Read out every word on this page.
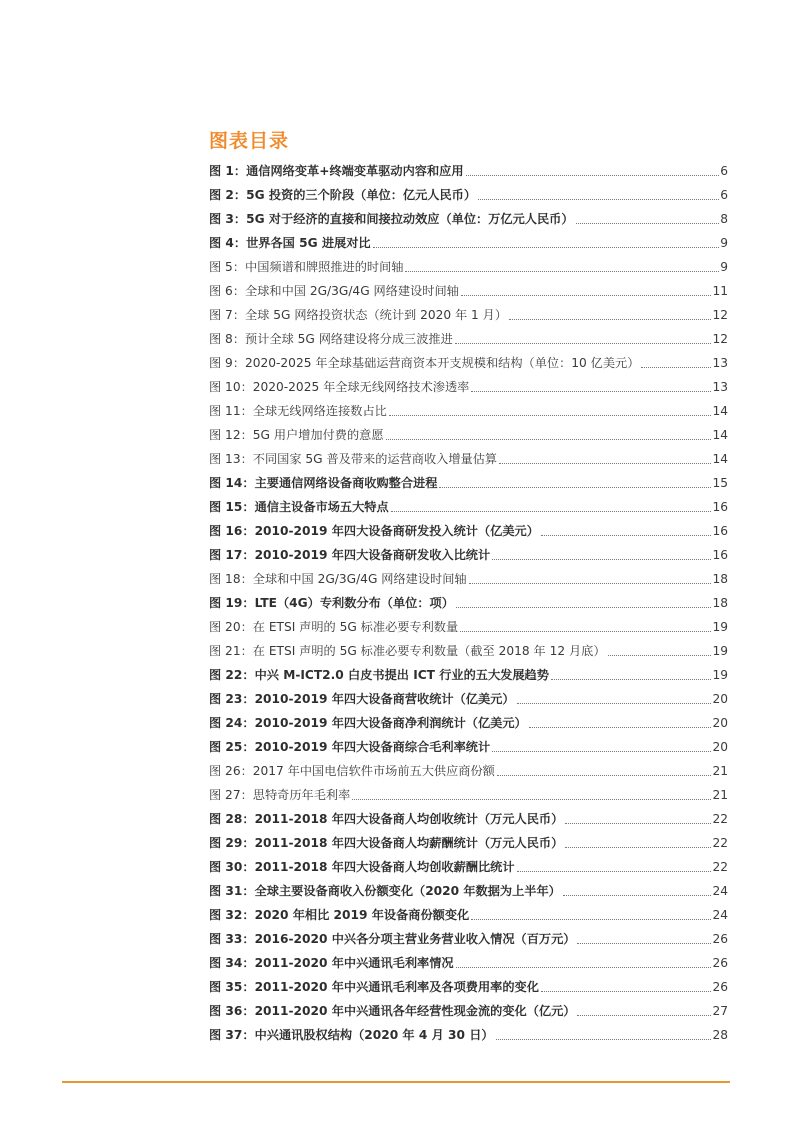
图表目录
图 1： 通信网络变革+终端变革驱动内容和应用	6
图 2： 5G 投资的三个阶段（单位：亿元人民币）	6
图 3： 5G 对于经济的直接和间接拉动效应（单位：万亿元人民币）	8
图 4： 世界各国 5G 进展对比	9
图 5： 中国频谱和牌照推进的时间轴	9
图 6： 全球和中国 2G/3G/4G 网络建设时间轴	11
图 7： 全球 5G 网络投资状态（统计到 2020 年 1 月）	12
图 8： 预计全球 5G 网络建设将分成三波推进	12
图 9： 2020-2025 年全球基础运营商资本开支规模和结构（单位：10 亿美元）	13
图 10： 2020-2025 年全球无线网络技术渗透率	13
图 11： 全球无线网络连接数占比	14
图 12： 5G 用户增加付费的意愿	14
图 13： 不同国家 5G 普及带来的运营商收入增量估算	14
图 14： 主要通信网络设备商收购整合进程	15
图 15： 通信主设备市场五大特点	16
图 16： 2010-2019 年四大设备商研发投入统计（亿美元）	16
图 17： 2010-2019 年四大设备商研发收入比统计	16
图 18： 全球和中国 2G/3G/4G 网络建设时间轴	18
图 19： LTE（4G）专利数分布（单位：项）	18
图 20： 在 ETSI 声明的 5G 标准必要专利数量	19
图 21： 在 ETSI 声明的 5G 标准必要专利数量（截至 2018 年 12 月底）	19
图 22： 中兴 M-ICT2.0 白皮书提出 ICT 行业的五大发展趋势	19
图 23： 2010-2019 年四大设备商营收统计（亿美元）	20
图 24： 2010-2019 年四大设备商净利润统计（亿美元）	20
图 25： 2010-2019 年四大设备商综合毛利率统计	20
图 26： 2017 年中国电信软件市场前五大供应商份额	21
图 27： 思特奇历年毛利率	21
图 28： 2011-2018 年四大设备商人均创收统计（万元人民币）	22
图 29： 2011-2018 年四大设备商人均薪酬统计（万元人民币）	22
图 30： 2011-2018 年四大设备商人均创收薪酬比统计	22
图 31： 全球主要设备商收入份额变化（2020 年数据为上半年）	24
图 32： 2020 年相比 2019 年设备商份额变化	24
图 33： 2016-2020 中兴各分项主营业务营业收入情况（百万元）	26
图 34： 2011-2020 年中兴通讯毛利率情况	26
图 35： 2011-2020 年中兴通讯毛利率及各项费用率的变化	26
图 36： 2011-2020 年中兴通讯各年经营性现金流的变化（亿元）	27
图 37： 中兴通讯股权结构（2020 年 4 月 30 日）	28
